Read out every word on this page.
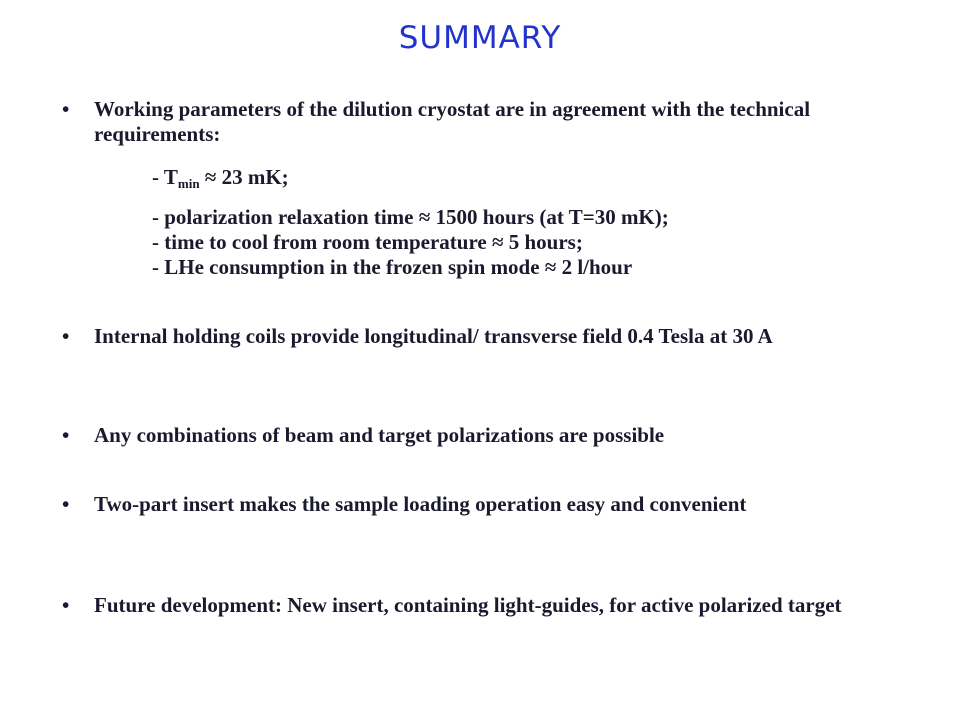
SUMMARY
• Working parameters of the dilution cryostat are in agreement with the technical requirements:
- $T_{min} \approx 23$ mK;
- polarization relaxation time ≈ 1500 hours (at T=30 mK);
- time to cool from room temperature ≈ 5 hours;
- LHe consumption in the frozen spin mode ≈ 2 l/hour
• Internal holding coils provide longitudinal/ transverse field 0.4 Tesla at 30 A
• Any combinations of beam and target polarizations are possible
• Two-part insert makes the sample loading operation easy and convenient
• Future development: New insert, containing light-guides, for active polarized target
